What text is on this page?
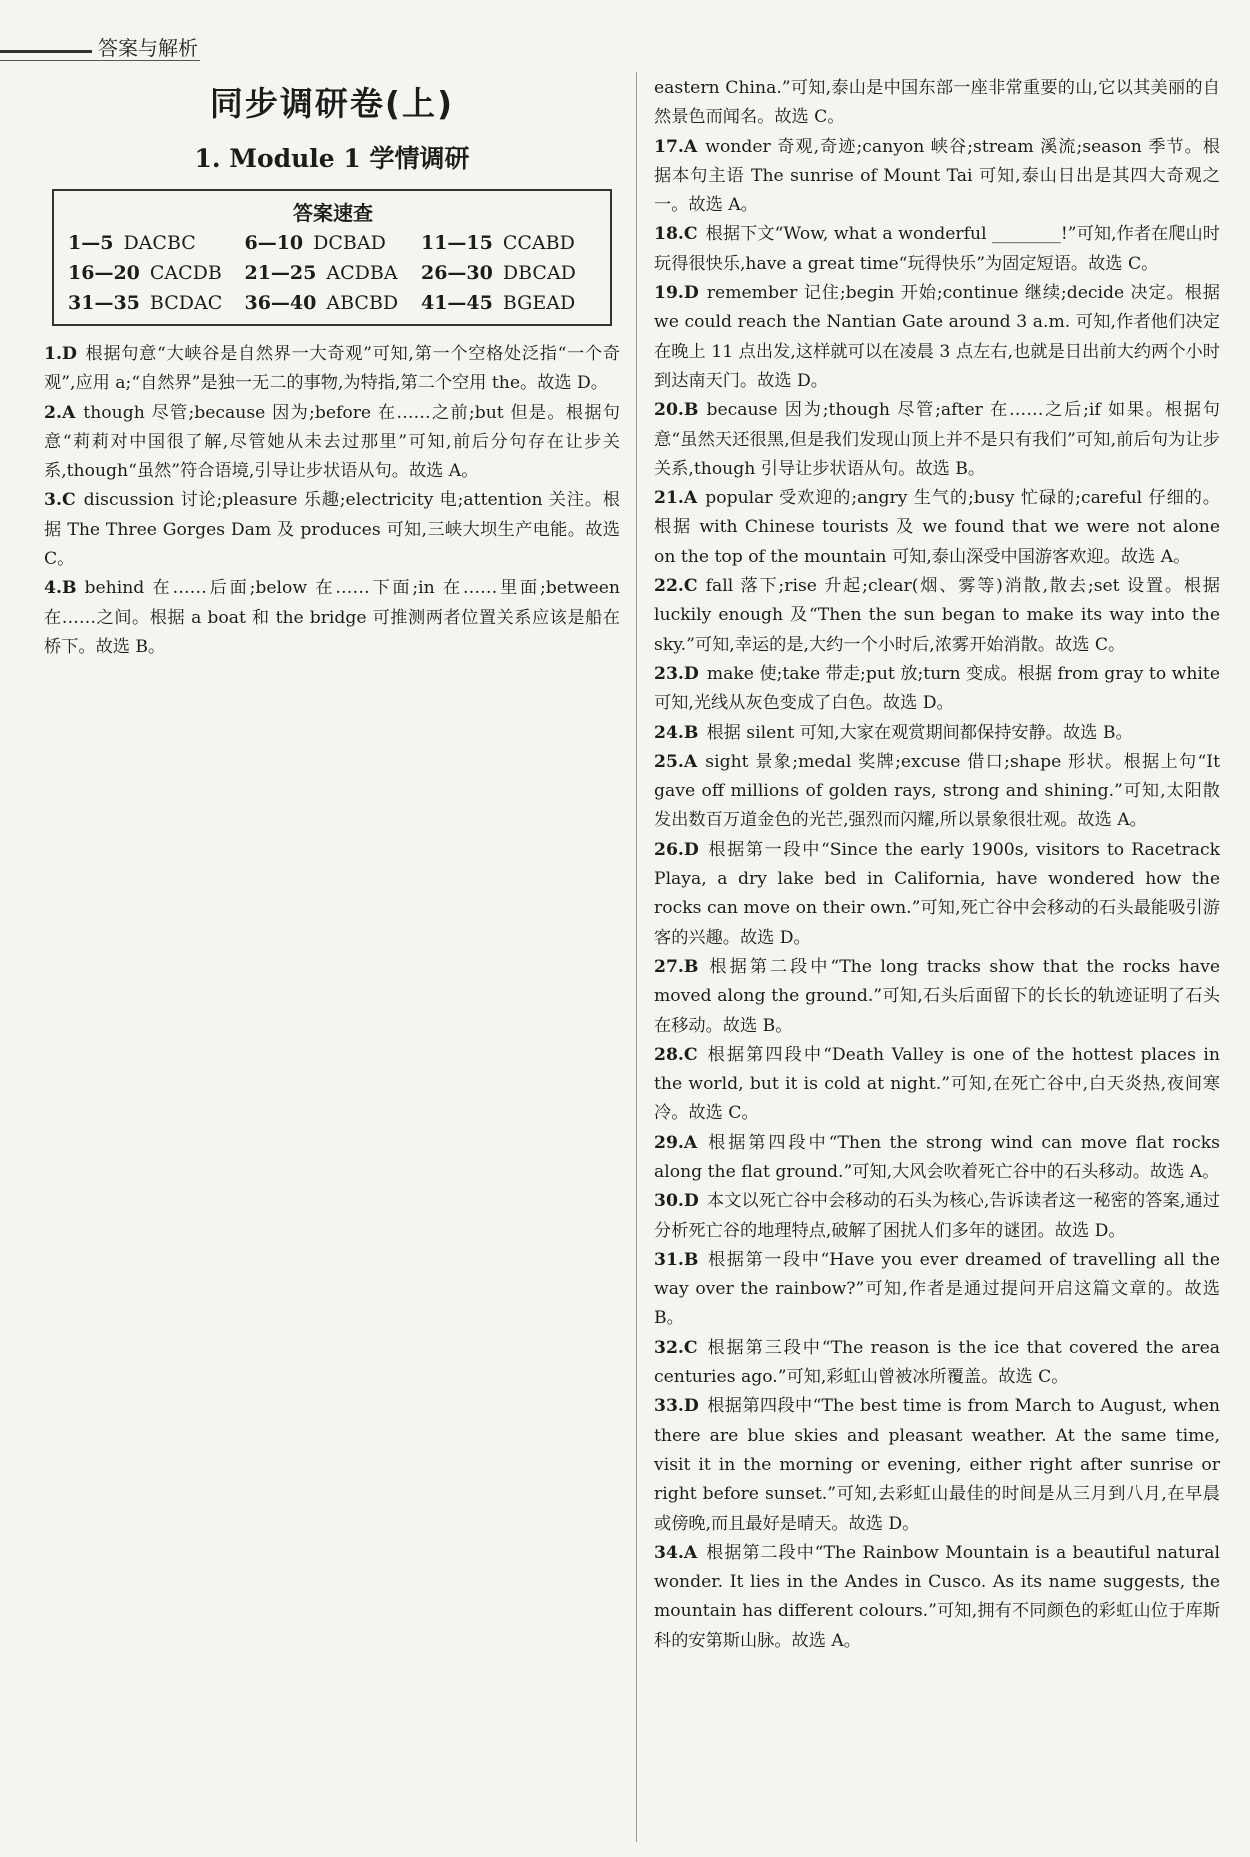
答案与解析
同步调研卷(上)
1. Module 1 学情调研
答案速查
1—5 DACBC	6—10 DCBAD	11—15 CCABD
16—20 CACDB	21—25 ACDBA	26—30 DBCAD
31—35 BCDAC	36—40 ABCBD	41—45 BGEAD

1.D 根据句意“大峡谷是自然界一大奇观”可知,第一个空格处泛指“一个奇观”,应用 a;“自然界”是独一无二的事物,为特指,第二个空用 the。故选 D。

2.A though 尽管;because 因为;before 在……之前;but 但是。根据句意“莉莉对中国很了解,尽管她从未去过那里”可知,前后分句存在让步关系,though“虽然”符合语境,引导让步状语从句。故选 A。

3.C discussion 讨论;pleasure 乐趣;electricity 电;attention 关注。根据 The Three Gorges Dam 及 produces 可知,三峡大坝生产电能。故选 C。

4.B behind 在……后面;below 在……下面;in 在……里面;between在……之间。根据 a boat 和 the bridge 可推测两者位置关系应该是船在桥下。故选 B。

eastern China.”可知,泰山是中国东部一座非常重要的山,它以其美丽的自然景色而闻名。故选 C。

17.A wonder 奇观,奇迹;canyon 峡谷;stream 溪流;season 季节。根据本句主语 The sunrise of Mount Tai 可知,泰山日出是其四大奇观之一。故选 A。

18.C 根据下文“Wow, what a wonderful ________!”可知,作者在爬山时玩得很快乐,have a great time“玩得快乐”为固定短语。故选 C。

19.D remember 记住;begin 开始;continue 继续;decide 决定。根据 we could reach the Nantian Gate around 3 a.m. 可知,作者他们决定在晚上 11 点出发,这样就可以在凌晨 3 点左右,也就是日出前大约两个小时到达南天门。故选 D。

20.B because 因为;though 尽管;after 在……之后;if 如果。根据句意“虽然天还很黑,但是我们发现山顶上并不是只有我们”可知,前后句为让步关系,though 引导让步状语从句。故选 B。

21.A popular 受欢迎的;angry 生气的;busy 忙碌的;careful 仔细的。根据 with Chinese tourists 及 we found that we were not alone on the top of the mountain 可知,泰山深受中国游客欢迎。故选 A。

22.C fall 落下;rise 升起;clear(烟、雾等)消散,散去;set 设置。根据 luckily enough 及“Then the sun began to make its way into the sky.”可知,幸运的是,大约一个小时后,浓雾开始消散。故选 C。

23.D make 使;take 带走;put 放;turn 变成。根据 from gray to white 可知,光线从灰色变成了白色。故选 D。

24.B 根据 silent 可知,大家在观赏期间都保持安静。故选 B。

25.A sight 景象;medal 奖牌;excuse 借口;shape 形状。根据上句“It gave off millions of golden rays, strong and shining.”可知,太阳散发出数百万道金色的光芒,强烈而闪耀,所以景象很壮观。故选 A。

26.D 根据第一段中“Since the early 1900s, visitors to Racetrack Playa, a dry lake bed in California, have wondered how the rocks can move on their own.”可知,死亡谷中会移动的石头最能吸引游客的兴趣。故选 D。

27.B 根据第二段中“The long tracks show that the rocks have moved along the ground.”可知,石头后面留下的长长的轨迹证明了石头在移动。故选 B。

28.C 根据第四段中“Death Valley is one of the hottest places in the world, but it is cold at night.”可知,在死亡谷中,白天炎热,夜间寒冷。故选 C。

29.A 根据第四段中“Then the strong wind can move flat rocks along the flat ground.”可知,大风会吹着死亡谷中的石头移动。故选 A。

30.D 本文以死亡谷中会移动的石头为核心,告诉读者这一秘密的答案,通过分析死亡谷的地理特点,破解了困扰人们多年的谜团。故选 D。

31.B 根据第一段中“Have you ever dreamed of travelling all the way over the rainbow?”可知,作者是通过提问开启这篇文章的。故选 B。

32.C 根据第三段中“The reason is the ice that covered the area centuries ago.”可知,彩虹山曾被冰所覆盖。故选 C。

33.D 根据第四段中“The best time is from March to August, when there are blue skies and pleasant weather. At the same time, visit it in the morning or evening, either right after sunrise or right before sunset.”可知,去彩虹山最佳的时间是从三月到八月,在早晨或傍晚,而且最好是晴天。故选 D。

34.A 根据第二段中“The Rainbow Mountain is a beautiful natural wonder. It lies in the Andes in Cusco. As its name suggests, the mountain has different colours.”可知,拥有不同颜色的彩虹山位于库斯科的安第斯山脉。故选 A。
